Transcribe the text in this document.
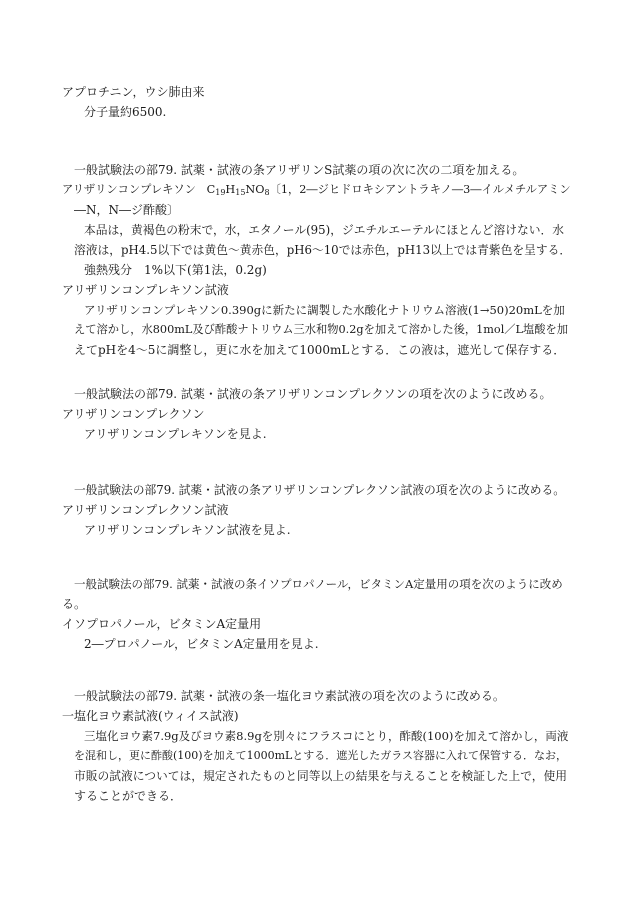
アプロチニン，ウシ肺由来
分子量約6500.
一般試験法の部79. 試薬・試液の条アリザリンS試薬の項の次に次の二項を加える。
アリザリンコンプレキソン $C_{19}H_{15}NO_8$〔1，2―ジヒドロキシアントラキノ―3―イルメチルアミン
―N，N―ジ酢酸〕
本品は，黄褐色の粉末で，水，エタノール(95)，ジエチルエーテルにほとんど溶けない．水
溶液は，pH4.5以下では黄色～黄赤色，pH6～10では赤色，pH13以上では青紫色を呈する．
強熱残分　1%以下(第1法，0.2g)
アリザリンコンプレキソン試液
アリザリンコンプレキソン0.390gに新たに調製した水酸化ナトリウム溶液(1→50)20mLを加
えて溶かし，水800mL及び酢酸ナトリウム三水和物0.2gを加えて溶かした後，1mol／L塩酸を加
えてpHを4～5に調整し，更に水を加えて1000mLとする．この液は，遮光して保存する．
一般試験法の部79. 試薬・試液の条アリザリンコンプレクソンの項を次のように改める。
アリザリンコンプレクソン
アリザリンコンプレキソンを見よ.
一般試験法の部79. 試薬・試液の条アリザリンコンプレクソン試液の項を次のように改める。
アリザリンコンプレクソン試液
アリザリンコンプレキソン試液を見よ.
一般試験法の部79. 試薬・試液の条イソプロパノール，ビタミンA定量用の項を次のように改め
る。
イソプロパノール，ビタミンA定量用
2―プロパノール，ビタミンA定量用を見よ.
一般試験法の部79. 試薬・試液の条一塩化ヨウ素試液の項を次のように改める。
一塩化ヨウ素試液(ウィイス試液)
三塩化ヨウ素7.9g及びヨウ素8.9gを別々にフラスコにとり，酢酸(100)を加えて溶かし，両液
を混和し，更に酢酸(100)を加えて1000mLとする．遮光したガラス容器に入れて保管する．なお，
市販の試液については，規定されたものと同等以上の結果を与えることを検証した上で，使用
することができる．
